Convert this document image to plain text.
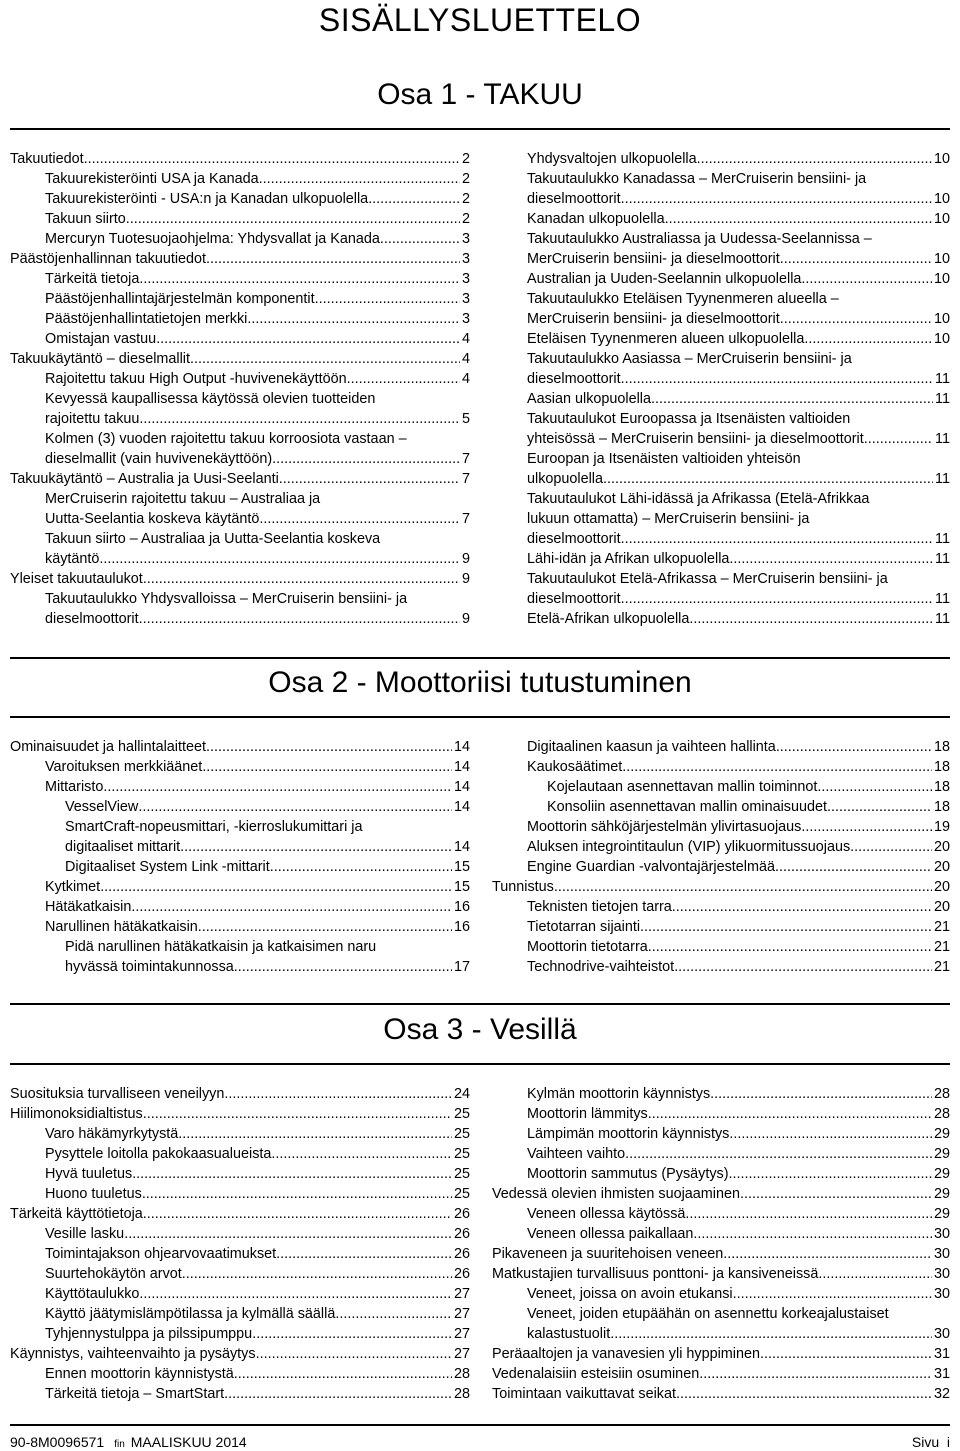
SISÄLLYSLUETTELO
Osa 1 - TAKUU
Takuutiedot .....	2
Takuurekisteröinti USA ja Kanada .....	2
Takuurekisteröinti - USA:n ja Kanadan ulkopuolella .....	2
Takuun siirto .....	2
Mercuryn Tuotesuojaohjelma: Yhdysvallat ja Kanada .....	3
Päästöjenhallinnan takuutiedot .....	3
Tärkeitä tietoja .....	3
Päästöjenhallintajärjestelmän komponentit .....	3
Päästöjenhallintatietojen merkki .....	3
Omistajan vastuu .....	4
Takuukäytäntö – dieselmallit .....	4
Rajoitettu takuu High Output -huvivenekäyttöön .....	4
Kevyessä kaupallisessa käytössä olevien tuotteiden
rajoitettu takuu .....	5
Kolmen (3) vuoden rajoitettu takuu korroosiota vastaan –
dieselmallit (vain huvivenekäyttöön) .....	7
Takuukäytäntö – Australia ja Uusi-Seelanti .....	7
MerCruiserin rajoitettu takuu – Australiaa ja
Uutta-Seelantia koskeva käytäntö .....	7
Takuun siirto – Australiaa ja Uutta-Seelantia koskeva
käytäntö .....	9
Yleiset takuutaulukot .....	9
Takuutaulukko Yhdysvalloissa – MerCruiserin bensiini- ja
dieselmoottorit .....	9
Yhdysvaltojen ulkopuolella .....	10
Takuutaulukko Kanadassa – MerCruiserin bensiini- ja
dieselmoottorit .....	10
Kanadan ulkopuolella .....	10
Takuutaulukko Australiassa ja Uudessa-Seelannissa –
MerCruiserin bensiini- ja dieselmoottorit .....	10
Australian ja Uuden-Seelannin ulkopuolella .....	10
Takuutaulukko Eteläisen Tyynenmeren alueella –
MerCruiserin bensiini- ja dieselmoottorit .....	10
Eteläisen Tyynenmeren alueen ulkopuolella .....	10
Takuutaulukko Aasiassa – MerCruiserin bensiini- ja
dieselmoottorit .....	11
Aasian ulkopuolella .....	11
Takuutaulukot Euroopassa ja Itsenäisten valtioiden
yhteisössä – MerCruiserin bensiini- ja dieselmoottorit .....	11
Euroopan ja Itsenäisten valtioiden yhteisön
ulkopuolella .....	11
Takuutaulukot Lähi-idässä ja Afrikassa (Etelä-Afrikkaa
lukuun ottamatta) – MerCruiserin bensiini- ja
dieselmoottorit .....	11
Lähi-idän ja Afrikan ulkopuolella .....	11
Takuutaulukot Etelä-Afrikassa – MerCruiserin bensiini- ja
dieselmoottorit .....	11
Etelä-Afrikan ulkopuolella .....	11
Osa 2 - Moottoriisi tutustuminen
Ominaisuudet ja hallintalaitteet .....	14
Varoituksen merkkiäänet .....	14
Mittaristo .....	14
VesselView .....	14
SmartCraft-nopeusmittari, -kierroslukumittari ja
digitaaliset mittarit .....	14
Digitaaliset System Link -mittarit .....	15
Kytkimet .....	15
Hätäkatkaisin .....	16
Narullinen hätäkatkaisin .....	16
Pidä narullinen hätäkatkaisin ja katkaisimen naru
hyvässä toimintakunnossa .....	17
Digitaalinen kaasun ja vaihteen hallinta .....	18
Kaukosäätimet .....	18
Kojelautaan asennettavan mallin toiminnot .....	18
Konsoliin asennettavan mallin ominaisuudet .....	18
Moottorin sähköjärjestelmän ylivirtasuojaus .....	19
Aluksen integrointitaulun (VIP) ylikuormitussuojaus .....	20
Engine Guardian -valvontajärjestelmää .....	20
Tunnistus .....	20
Teknisten tietojen tarra .....	20
Tietotarran sijainti .....	21
Moottorin tietotarra .....	21
Technodrive-vaihteistot .....	21
Osa 3 - Vesillä
Suosituksia turvalliseen veneilyyn .....	24
Hiilimonoksidialtistus .....	25
Varo häkämyrkytystä .....	25
Pysyttele loitolla pakokaasualueista .....	25
Hyvä tuuletus .....	25
Huono tuuletus .....	25
Tärkeitä käyttötietoja .....	26
Vesille lasku .....	26
Toimintajakson ohjearvovaatimukset .....	26
Suurtehokäytön arvot .....	26
Käyttötaulukko .....	27
Käyttö jäätymislämpötilassa ja kylmällä säällä .....	27
Tyhjennystulppa ja pilssipumppu .....	27
Käynnistys, vaihteenvaihto ja pysäytys .....	27
Ennen moottorin käynnistystä .....	28
Tärkeitä tietoja – SmartStart .....	28
Kylmän moottorin käynnistys .....	28
Moottorin lämmitys .....	28
Lämpimän moottorin käynnistys .....	29
Vaihteen vaihto .....	29
Moottorin sammutus (Pysäytys) .....	29
Vedessä olevien ihmisten suojaaminen .....	29
Veneen ollessa käytössä .....	29
Veneen ollessa paikallaan .....	30
Pikaveneen ja suuritehoisen veneen .....	30
Matkustajien turvallisuus ponttoni- ja kansiveneissä .....	30
Veneet, joissa on avoin etukansi .....	30
Veneet, joiden etupäähän on asennettu korkeajalustaiset
kalastustuolit .....	30
Peräaaltojen ja vanavesien yli hyppiminen .....	31
Vedenalaisiin esteisiin osuminen .....	31
Toimintaan vaikuttavat seikat .....	32
90-8M0096571 fin MAALISKUU 2014	Sivu  i
